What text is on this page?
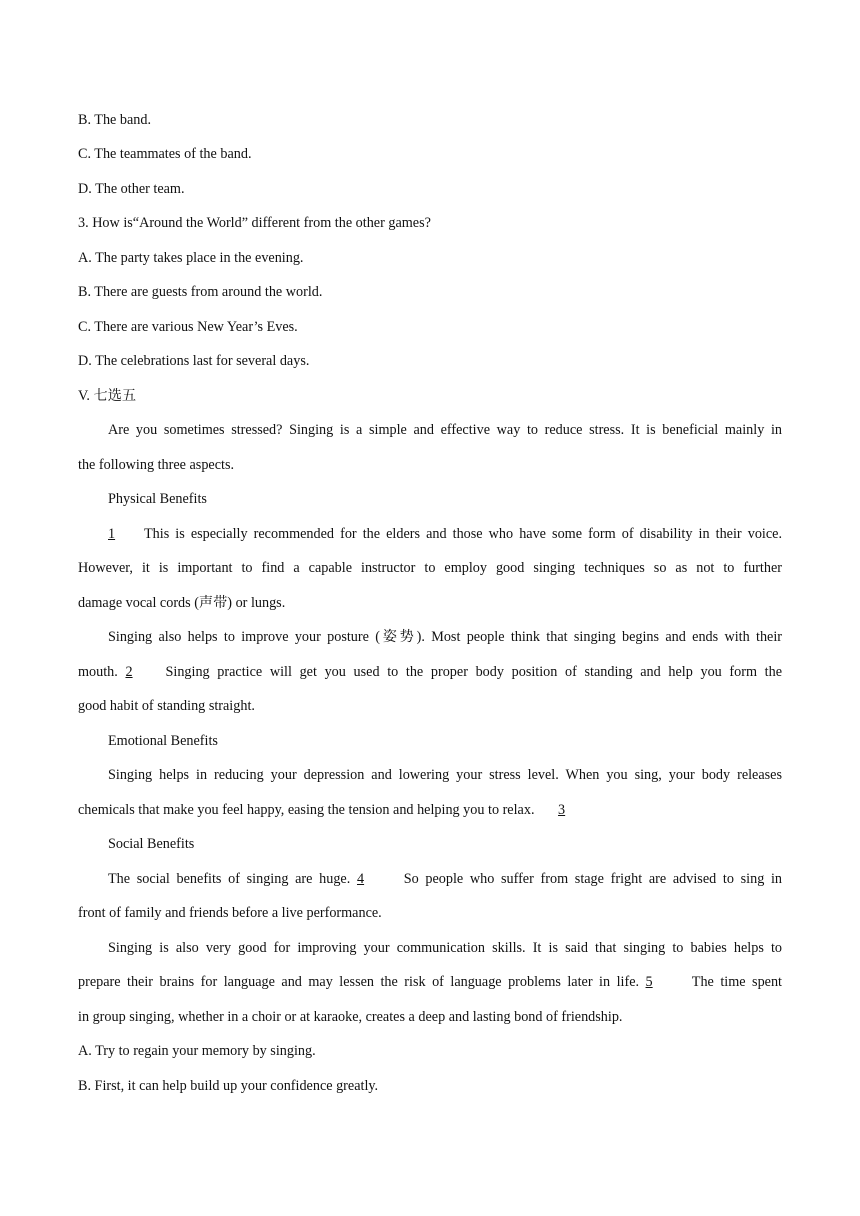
B. The band.
C. The teammates of the band.
D. The other team.
3. How is“Around the World” different from the other games?
A. The party takes place in the evening.
B. There are guests from around the world.
C. There are various New Year’s Eves.
D. The celebrations last for several days.
V. 七选五
Are you sometimes stressed? Singing is a simple and effective way to reduce stress. It is beneficial mainly in
the following three aspects.
Physical Benefits
1 This is especially recommended for the elders and those who have some form of disability in their voice.
However, it is important to find a capable instructor to employ good singing techniques so as not to further
damage vocal cords (声带) or lungs.
Singing also helps to improve your posture (姿势). Most people think that singing begins and ends with their
mouth. 2 Singing practice will get you used to the proper body position of standing and help you form the
good habit of standing straight.
Emotional Benefits
Singing helps in reducing your depression and lowering your stress level. When you sing, your body releases
chemicals that make you feel happy, easing the tension and helping you to relax. 3
Social Benefits
The social benefits of singing are huge. 4	So people who suffer from stage fright are advised to sing in
front of family and friends before a live performance.
Singing is also very good for improving your communication skills. It is said that singing to babies helps to
prepare their brains for language and may lessen the risk of language problems later in life. 5	The time spent
in group singing, whether in a choir or at karaoke, creates a deep and lasting bond of friendship.
A. Try to regain your memory by singing.
B. First, it can help build up your confidence greatly.
